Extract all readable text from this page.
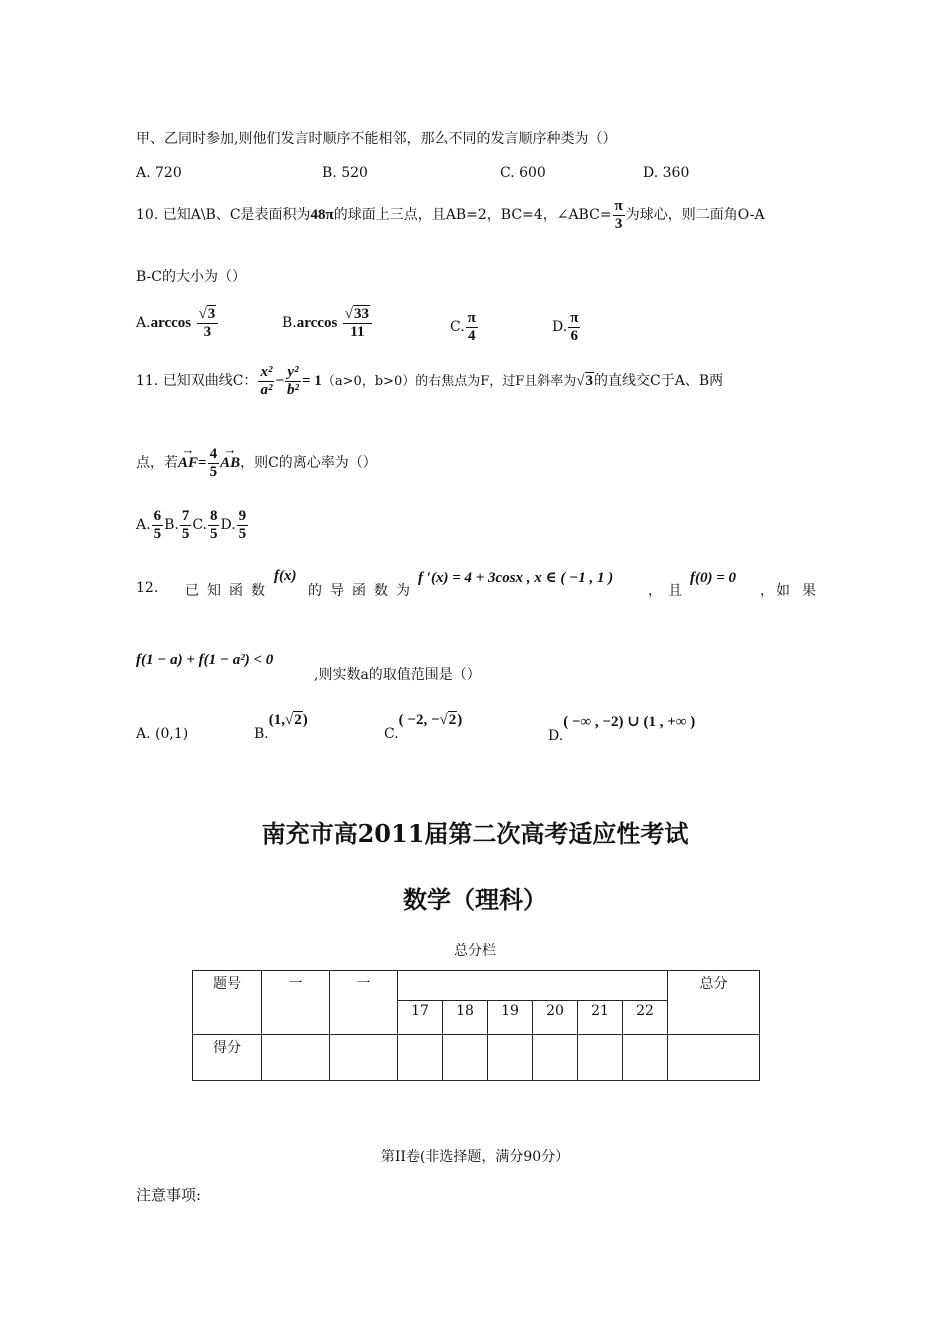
甲、乙同时参加,则他们发言时顺序不能相邻，那么不同的发言顺序种类为（）
A. 720	B. 520	C. 600	D. 360
10. 已知A\B、C是表面积为48π的球面上三点，且AB=2，BC=4，∠ABC= $\frac{\pi}{3}$ 为球心，则二面角O-A
B-C的大小为（）
$A.\arccos \frac{√3}{3}$	$B.\arccos \frac{√33}{11}$	C. $\frac{\pi}{4}$	D. $\frac{\pi}{6}$
11. 已知双曲线C： $\frac{\text{x²}}{\text{a²}} - \frac{\text{y²}}{\text{b²}} = 1(a>0$，b>0）的右焦点为F，过F且斜率为√3的直线交C于A、B两
点，若→ $AF= \frac{4}{5}$ → AB，则C的离心率为（）
A. $\frac{6}{5} B$. $\frac{7}{5} C$. $\frac{8}{5} D$. $\frac{9}{5}$
12. 已知函数
f(x)
的导函数为
f ′(x) = 4 + 3cosx , x ∈ ( −1 , 1 )
， 且
f(0) = 0
， 如果
f(1 − a) + f(1 − a²) < 0
,则实数a的取值范围是（）
A. (0,1)	B.(1,√2)
C.( −2, −√2)
D.( −∞ , −2) ∪ (1 , +∞ )
南充市高2011届第二次高考适应性考试
数学（理科）
总分栏
题号	一	一							总分
			17	18	19	20	21	22	
得分									
第II卷(非选择题，满分90分）
注意事项:
